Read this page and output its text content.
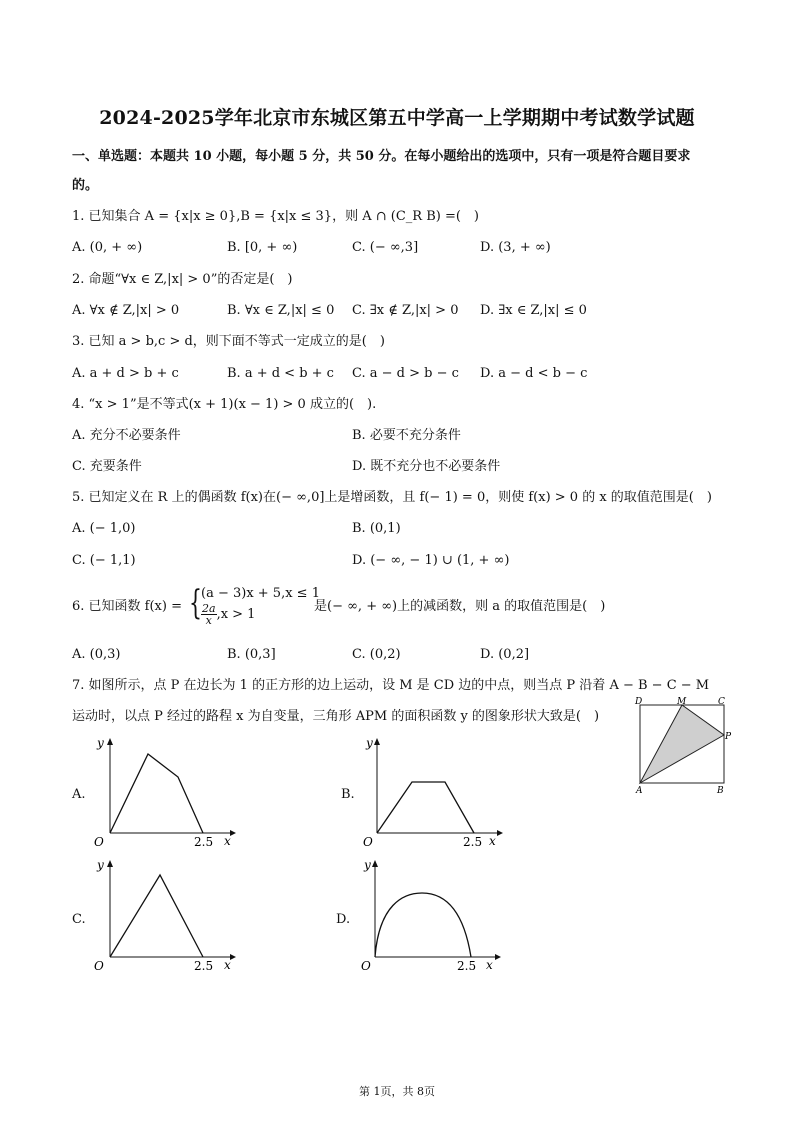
2024-2025学年北京市东城区第五中学高一上学期期中考试数学试题
一、单选题：本题共 10 小题，每小题 5 分，共 50 分。在每小题给出的选项中，只有一项是符合题目要求
的。
1. 已知集合 A = {x|x ≥ 0},B = {x|x ≤ 3}，则 A ∩ (C_R B) =(　)
A. (0, + ∞)	B. [0, + ∞)	C. (− ∞,3]	D. (3, + ∞)
2. 命题“∀x ∈ Z,|x| > 0”的否定是(　)
A. ∀x ∉ Z,|x| > 0	B. ∀x ∈ Z,|x| ≤ 0 C. ∃x ∉ Z,|x| > 0 D. ∃x ∈ Z,|x| ≤ 0
3. 已知 a > b,c > d，则下面不等式一定成立的是(　)
A. a + d > b + c	B. a + d < b + c C. a − d > b − c D. a − d < b − c
4. “x > 1”是不等式(x + 1)(x − 1) > 0 成立的(　).
A. 充分不必要条件	B. 必要不充分条件
C. 充要条件	D. 既不充分也不必要条件
5. 已知定义在 R 上的偶函数 f(x)在(− ∞,0]上是增函数，且 f(− 1) = 0，则使 f(x) > 0 的 x 的取值范围是(　)
A. (− 1,0)	B. (0,1)
C. (− 1,1)	D. (− ∞, − 1) ∪ (1, + ∞)
6. 已知函数 f(x) = { (a − 3)x + 5,x ≤ 1
$\frac{2a}{x} ,x > 1$
是(− ∞, + ∞)上的减函数，则 a 的取值范围是(　)
A. (0,3)	B. (0,3]	C. (0,2)	D. (0,2]
7. 如图所示，点 P 在边长为 1 的正方形的边上运动，设 M 是 CD 边的中点，则当点 P 沿着 A − B − C − M
运动时，以点 P 经过的路程 x 为自变量，三角形 APM 的面积函数 y 的图象形状大致是(　)
D	M	C
P
A	B
A.
y
O	2.5 x
B.
y
O	2.5 x
C.
y
O	2.5 x
D.
y
O	2.5 x
第 1页，共 8页
